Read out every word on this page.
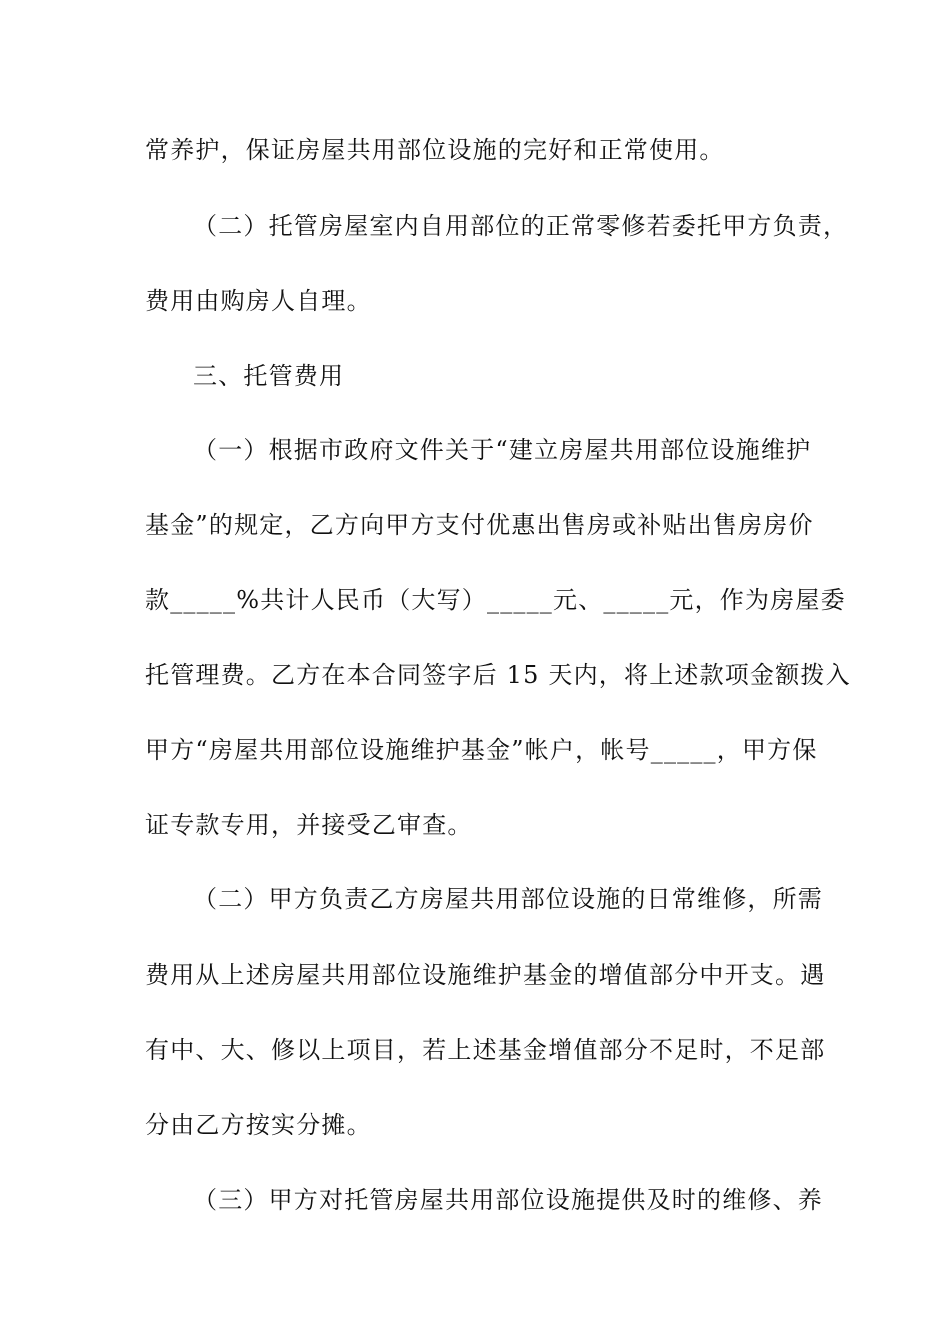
常养护，保证房屋共用部位设施的完好和正常使用。
（二）托管房屋室内自用部位的正常零修若委托甲方负责，
费用由购房人自理。
三、托管费用
（一）根据市政府文件关于“建立房屋共用部位设施维护
基金”的规定，乙方向甲方支付优惠出售房或补贴出售房房价
款_____%共计人民币（大写）_____元、_____元，作为房屋委
托管理费。乙方在本合同签字后 15 天内，将上述款项金额拨入
甲方“房屋共用部位设施维护基金”帐户，帐号_____，甲方保
证专款专用，并接受乙审查。
（二）甲方负责乙方房屋共用部位设施的日常维修，所需
费用从上述房屋共用部位设施维护基金的增值部分中开支。遇
有中、大、修以上项目，若上述基金增值部分不足时，不足部
分由乙方按实分摊。
（三）甲方对托管房屋共用部位设施提供及时的维修、养
